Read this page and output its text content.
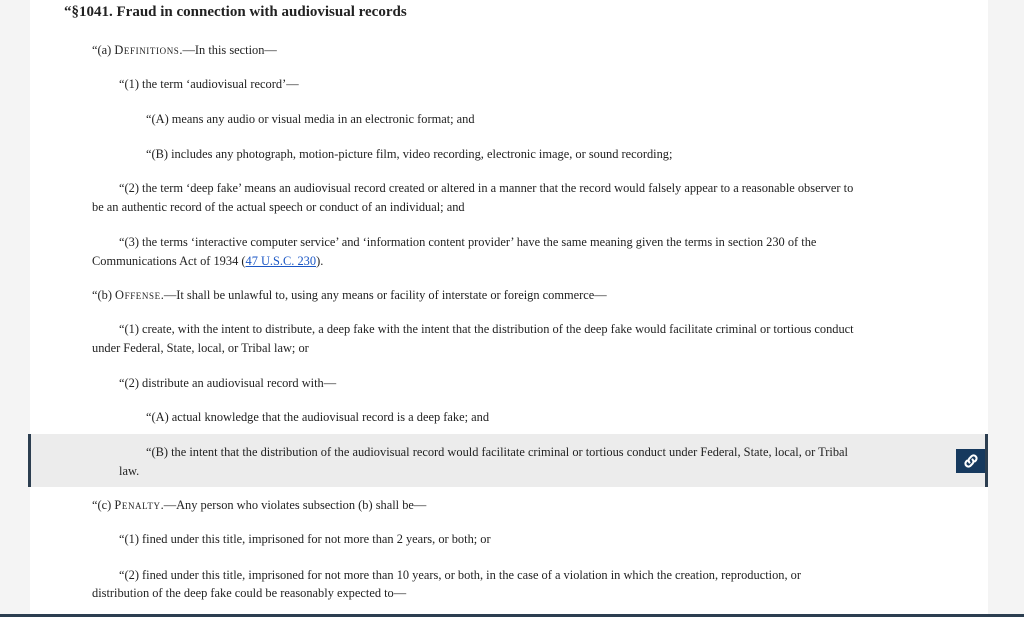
“§1041. Fraud in connection with audiovisual records
“(a) Definitions.—In this section—
“(1) the term ‘audiovisual record’—
“(A) means any audio or visual media in an electronic format; and
“(B) includes any photograph, motion-picture film, video recording, electronic image, or sound recording;
“(2) the term ‘deep fake’ means an audiovisual record created or altered in a manner that the record would falsely appear to a reasonable observer to
be an authentic record of the actual speech or conduct of an individual; and
“(3) the terms ‘interactive computer service’ and ‘information content provider’ have the same meaning given the terms in section 230 of the
Communications Act of 1934 (47 U.S.C. 230).
“(b) Offense.—It shall be unlawful to, using any means or facility of interstate or foreign commerce—
“(1) create, with the intent to distribute, a deep fake with the intent that the distribution of the deep fake would facilitate criminal or tortious conduct
under Federal, State, local, or Tribal law; or
“(2) distribute an audiovisual record with—
“(A) actual knowledge that the audiovisual record is a deep fake; and
“(B) the intent that the distribution of the audiovisual record would facilitate criminal or tortious conduct under Federal, State, local, or Tribal
law.
“(c) Penalty.—Any person who violates subsection (b) shall be—
“(1) fined under this title, imprisoned for not more than 2 years, or both; or
“(2) fined under this title, imprisoned for not more than 10 years, or both, in the case of a violation in which the creation, reproduction, or
distribution of the deep fake could be reasonably expected to—
